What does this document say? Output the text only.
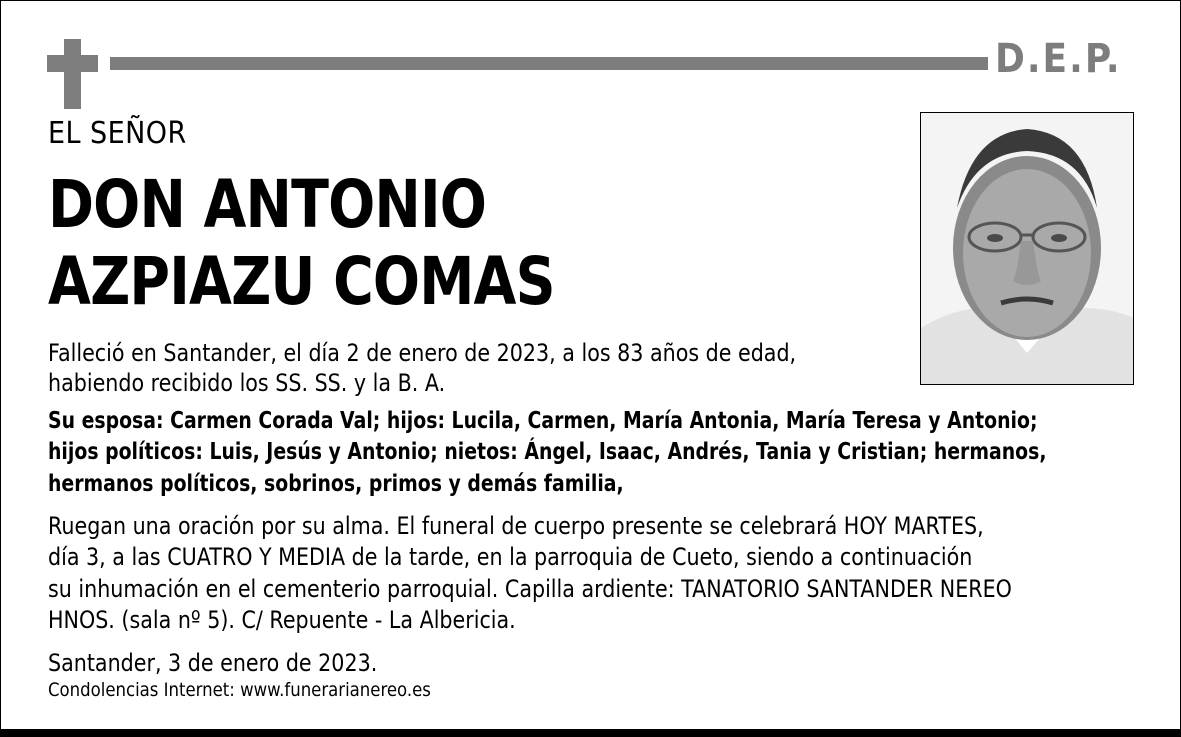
D.E.P.
EL SEÑOR
DON ANTONIO
AZPIAZU COMAS
Falleció en Santander, el día 2 de enero de 2023, a los 83 años de edad,
habiendo recibido los SS. SS. y la B. A.
Su esposa: Carmen Corada Val; hijos: Lucila, Carmen, María Antonia, María Teresa y Antonio;
hijos políticos: Luis, Jesús y Antonio; nietos: Ángel, Isaac, Andrés, Tania y Cristian; hermanos,
hermanos políticos, sobrinos, primos y demás familia,
Ruegan una oración por su alma. El funeral de cuerpo presente se celebrará HOY MARTES,
día 3, a las CUATRO Y MEDIA de la tarde, en la parroquia de Cueto, siendo a continuación
su inhumación en el cementerio parroquial. Capilla ardiente: TANATORIO SANTANDER NEREO
HNOS. (sala nº 5). C/ Repuente - La Albericia.
Santander, 3 de enero de 2023.
Condolencias Internet: www.funerarianereo.es
